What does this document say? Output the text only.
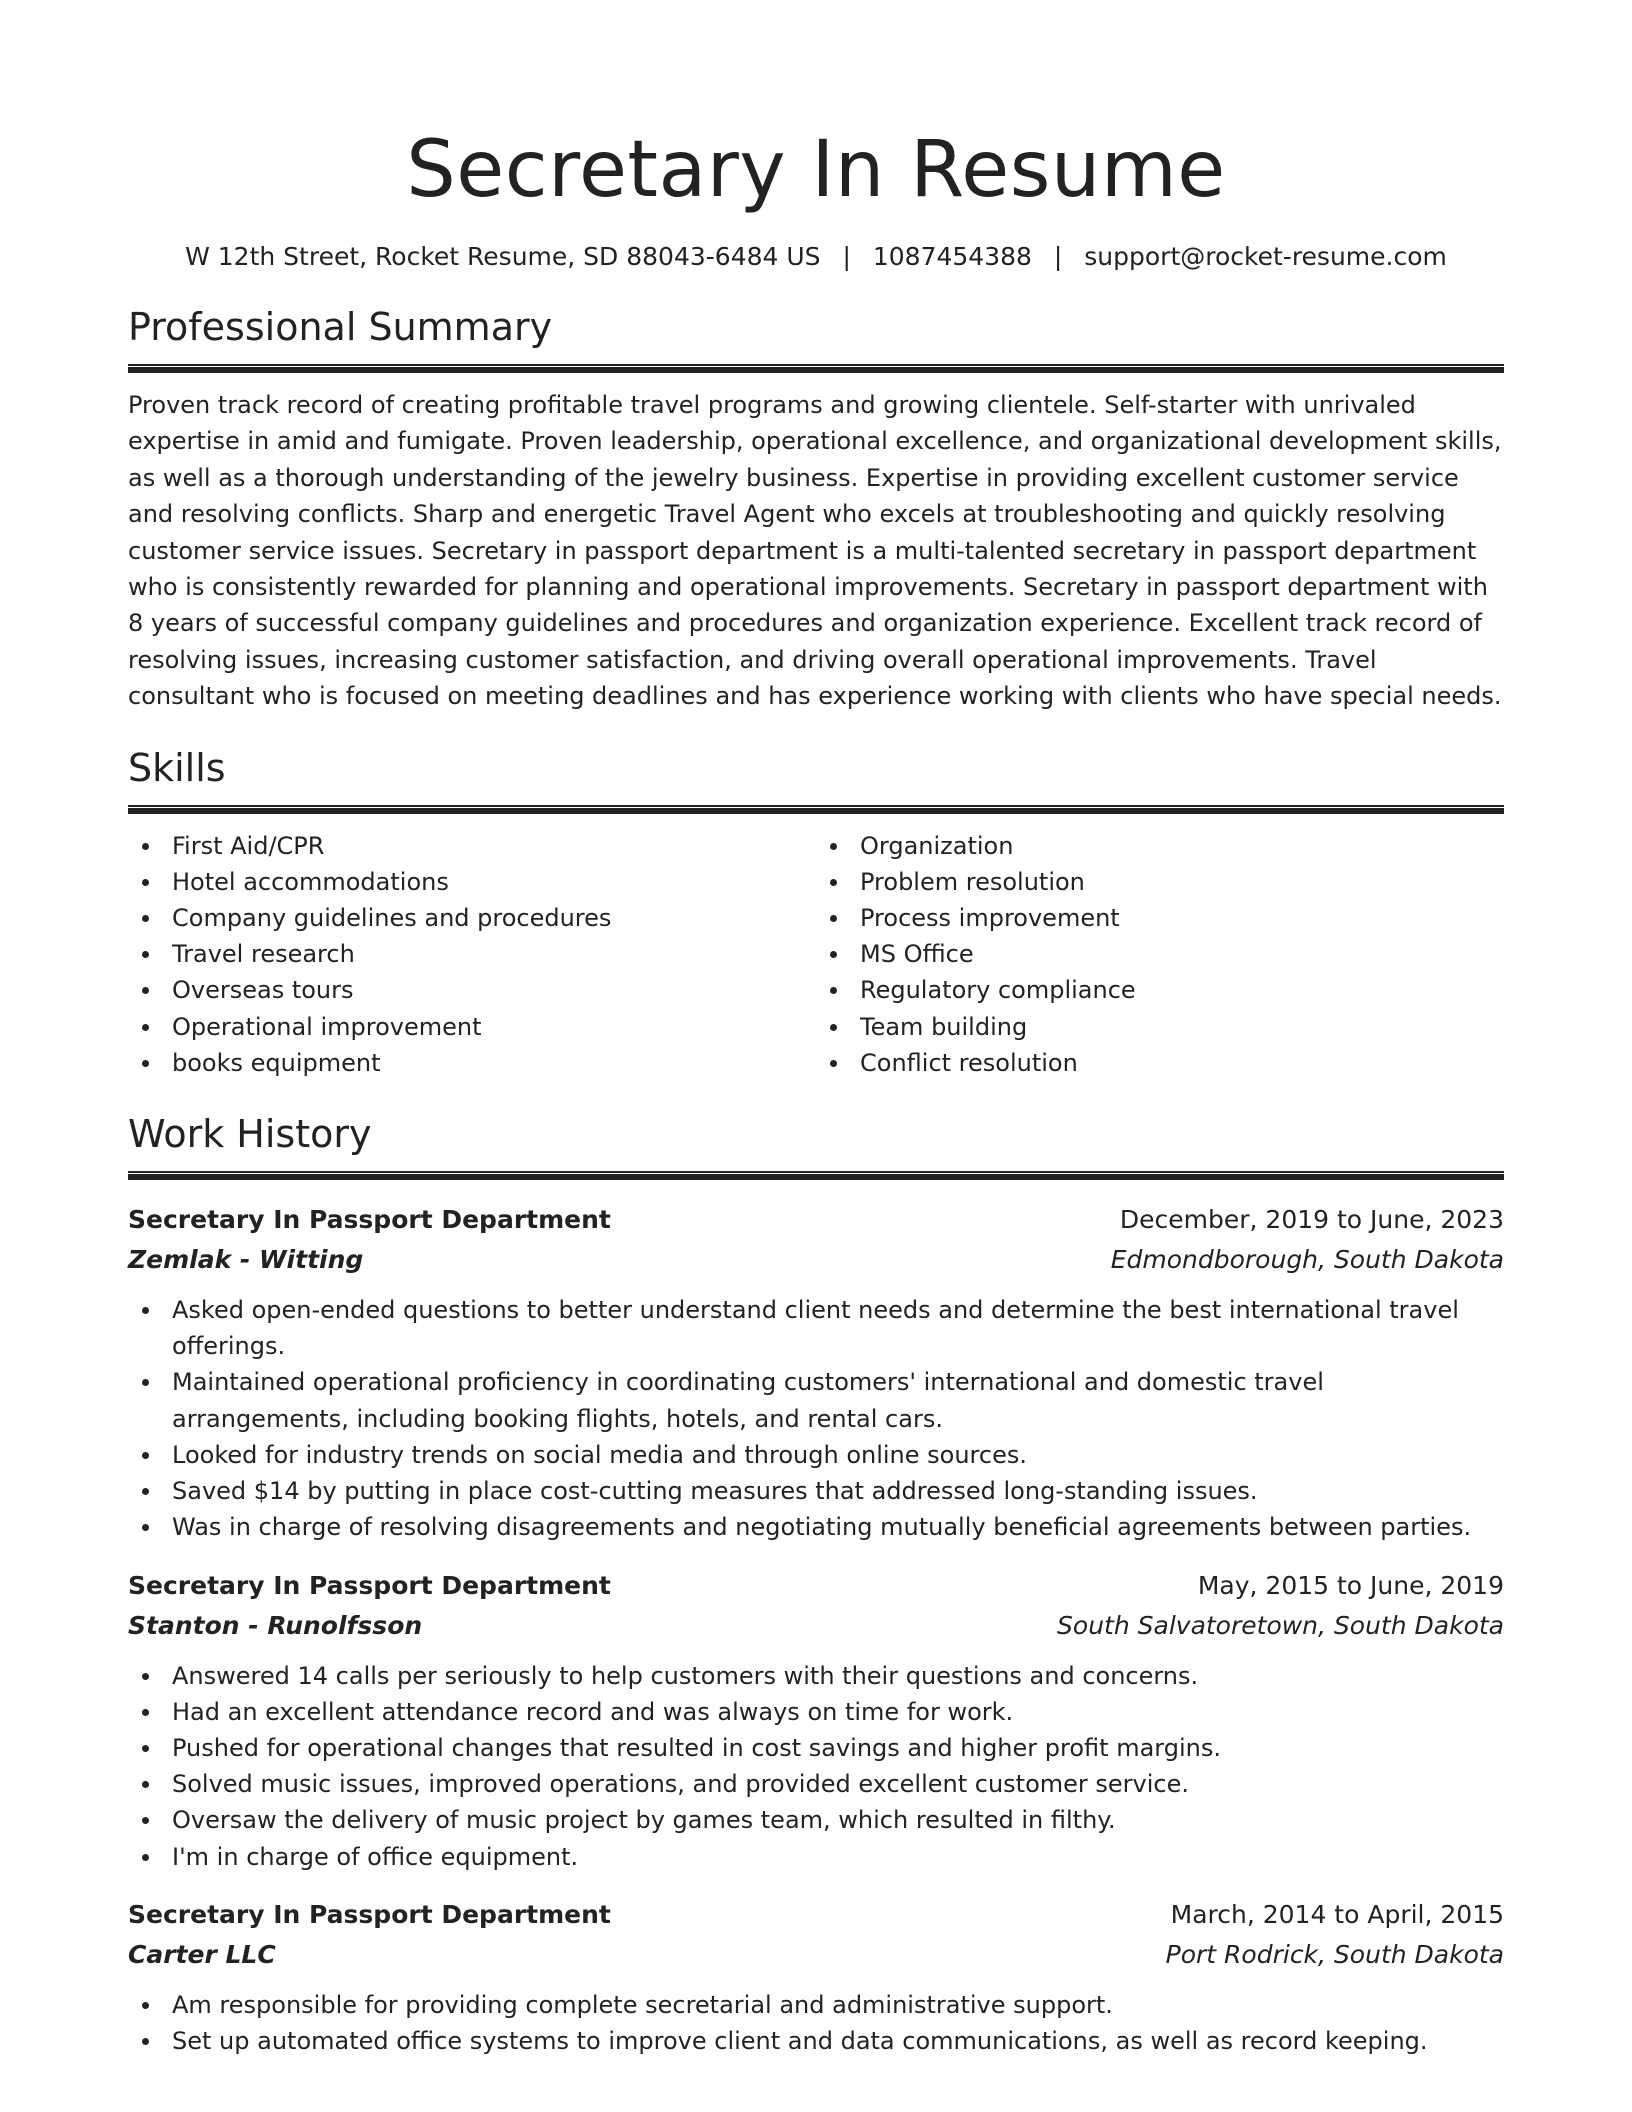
Secretary In Resume
W 12th Street, Rocket Resume, SD 88043-6484 US | 1087454388 | support@rocket-resume.com
Professional Summary

Proven track record of creating profitable travel programs and growing clientele. Self-starter with unrivaled expertise in amid and fumigate. Proven leadership, operational excellence, and organizational development skills, as well as a thorough understanding of the jewelry business. Expertise in providing excellent customer service and resolving conflicts. Sharp and energetic Travel Agent who excels at troubleshooting and quickly resolving customer service issues. Secretary in passport department is a multi-talented secretary in passport department who is consistently rewarded for planning and operational improvements. Secretary in passport department with 8 years of successful company guidelines and procedures and organization experience. Excellent track record of resolving issues, increasing customer satisfaction, and driving overall operational improvements. Travel consultant who is focused on meeting deadlines and has experience working with clients who have special needs.

Skills
First Aid/CPR
Hotel accommodations
Company guidelines and procedures
Travel research
Overseas tours
Operational improvement
books equipment
Organization
Problem resolution
Process improvement
MS Office
Regulatory compliance
Team building
Conflict resolution
Work History
Secretary In Passport Department	December, 2019 to June, 2023
Zemlak - Witting	Edmondborough, South Dakota
Asked open-ended questions to better understand client needs and determine the best international travel offerings.
Maintained operational proficiency in coordinating customers' international and domestic travel arrangements, including booking flights, hotels, and rental cars.
Looked for industry trends on social media and through online sources.
Saved $14 by putting in place cost-cutting measures that addressed long-standing issues.
Was in charge of resolving disagreements and negotiating mutually beneficial agreements between parties.
Secretary In Passport Department	May, 2015 to June, 2019
Stanton - Runolfsson	South Salvatoretown, South Dakota
Answered 14 calls per seriously to help customers with their questions and concerns.
Had an excellent attendance record and was always on time for work.
Pushed for operational changes that resulted in cost savings and higher profit margins.
Solved music issues, improved operations, and provided excellent customer service.
Oversaw the delivery of music project by games team, which resulted in filthy.
I'm in charge of office equipment.
Secretary In Passport Department	March, 2014 to April, 2015
Carter LLC	Port Rodrick, South Dakota
Am responsible for providing complete secretarial and administrative support.
Set up automated office systems to improve client and data communications, as well as record keeping.
